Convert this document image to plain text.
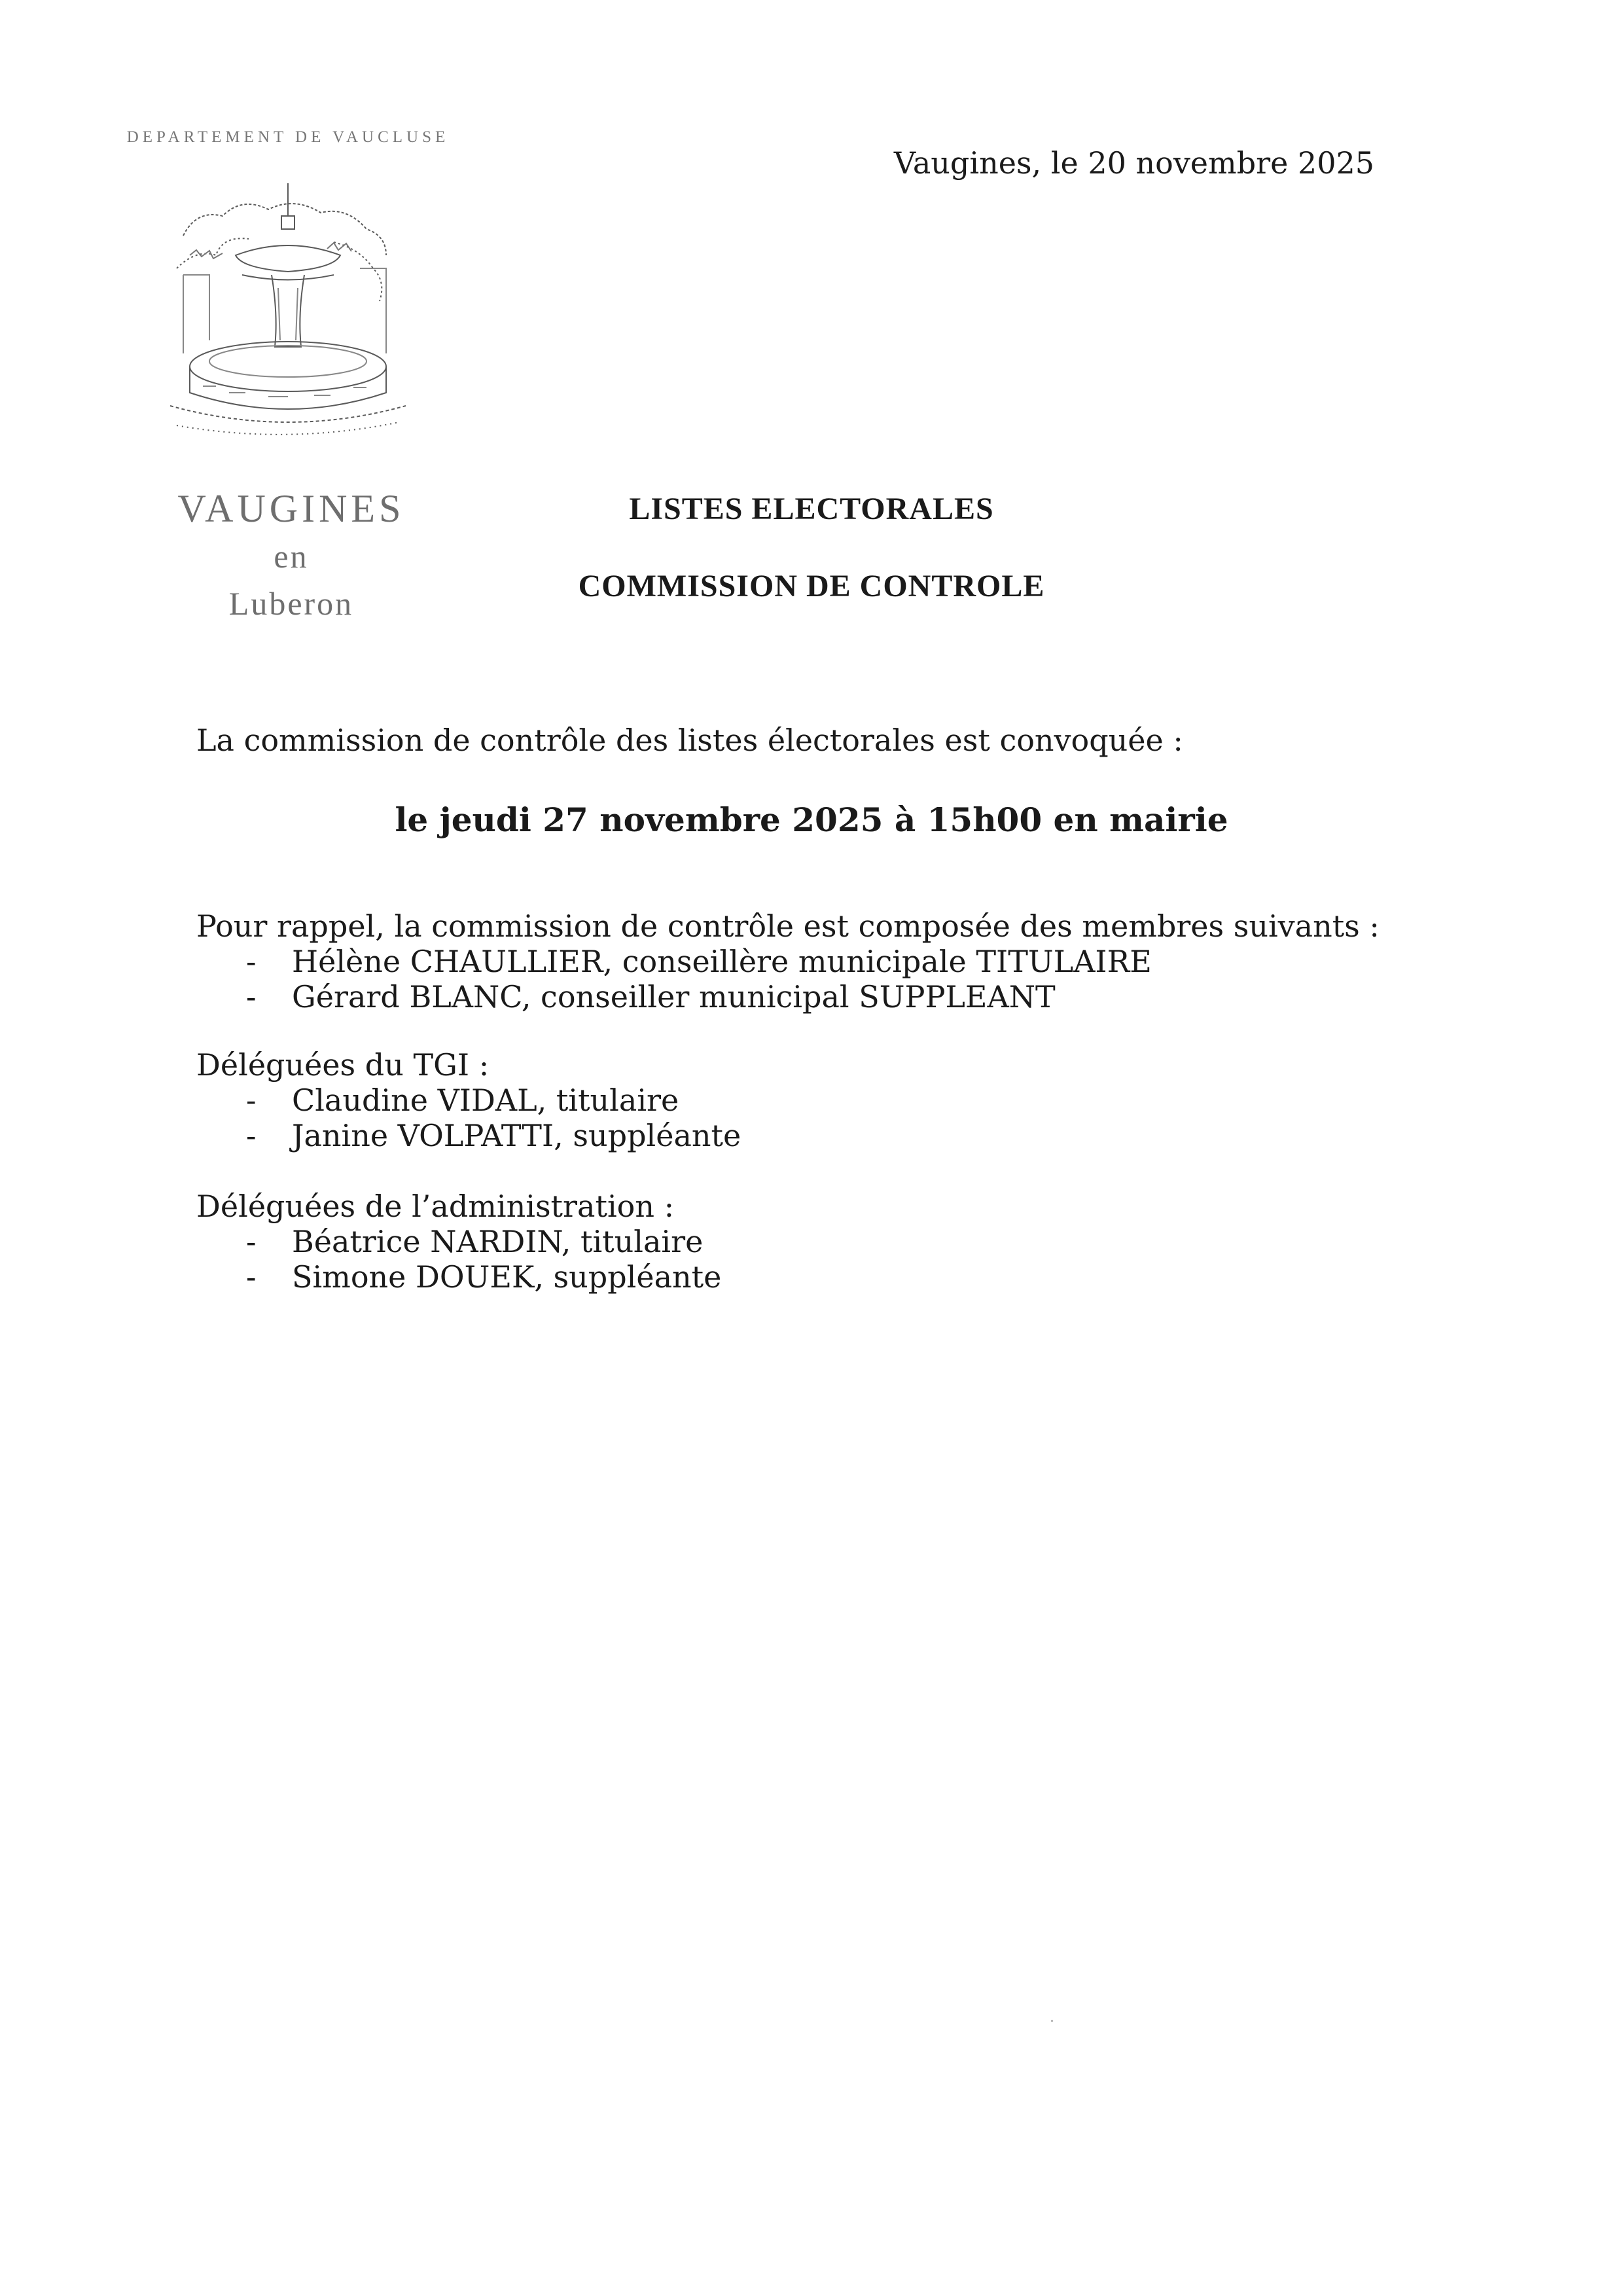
DEPARTEMENT DE VAUCLUSE
VAUGINES
en
Luberon
Vaugines, le 20 novembre 2025
LISTES ELECTORALES
COMMISSION DE CONTROLE
La commission de contrôle des listes électorales est convoquée :
le jeudi 27 novembre 2025 à 15h00 en mairie
Pour rappel, la commission de contrôle est composée des membres suivants :
- Hélène CHAULLIER, conseillère municipale TITULAIRE
- Gérard BLANC, conseiller municipal SUPPLEANT
Déléguées du TGI :
- Claudine VIDAL, titulaire
- Janine VOLPATTI, suppléante
Déléguées de l’administration :
- Béatrice NARDIN, titulaire
- Simone DOUEK, suppléante
